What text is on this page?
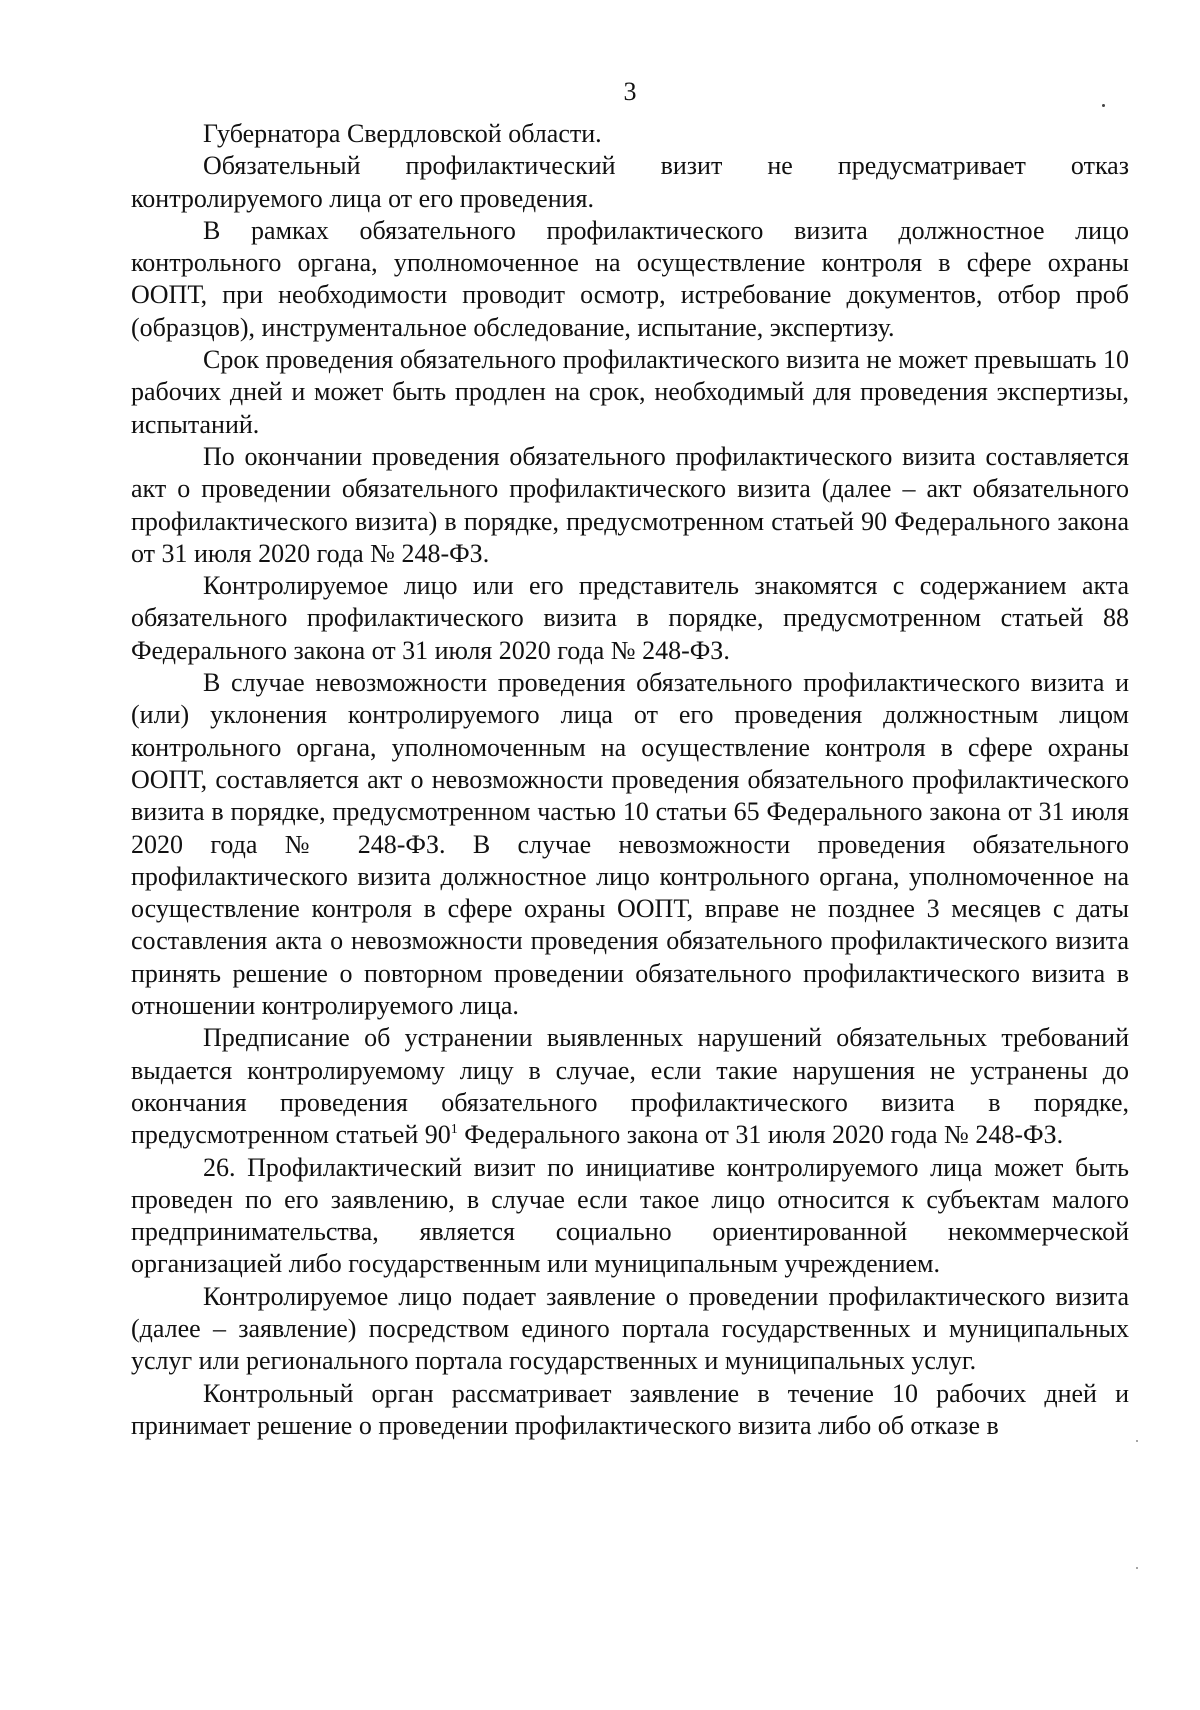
3

Губернатора Свердловской области.

Обязательный профилактический визит не предусматривает отказ контролируемого лица от его проведения.

В рамках обязательного профилактического визита должностное лицо контрольного органа, уполномоченное на осуществление контроля в сфере охраны ООПТ, при необходимости проводит осмотр, истребование документов, отбор проб (образцов), инструментальное обследование, испытание, экспертизу.

Срок проведения обязательного профилактического визита не может превышать 10 рабочих дней и может быть продлен на срок, необходимый для проведения экспертизы, испытаний.

По окончании проведения обязательного профилактического визита составляется акт о проведении обязательного профилактического визита (далее – акт обязательного профилактического визита) в порядке, предусмотренном статьей 90 Федерального закона от 31 июля 2020 года № 248-ФЗ.

Контролируемое лицо или его представитель знакомятся с содержанием акта обязательного профилактического визита в порядке, предусмотренном статьей 88 Федерального закона от 31 июля 2020 года № 248-ФЗ.

В случае невозможности проведения обязательного профилактического визита и (или) уклонения контролируемого лица от его проведения должностным лицом контрольного органа, уполномоченным на осуществление контроля в сфере охраны ООПТ, составляется акт о невозможности проведения обязательного профилактического визита в порядке, предусмотренном частью 10 статьи 65 Федерального закона от 31 июля 2020 года № 248-ФЗ. В случае невозможности проведения обязательного профилактического визита должностное лицо контрольного органа, уполномоченное на осуществление контроля в сфере охраны ООПТ, вправе не позднее 3 месяцев с даты составления акта о невозможности проведения обязательного профилактического визита принять решение о повторном проведении обязательного профилактического визита в отношении контролируемого лица.

Предписание об устранении выявленных нарушений обязательных требований выдается контролируемому лицу в случае, если такие нарушения не устранены до окончания проведения обязательного профилактического визита в порядке, предусмотренном статьей $90^1$ Федерального закона от 31 июля 2020 года № 248-ФЗ.

26. Профилактический визит по инициативе контролируемого лица может быть проведен по его заявлению, в случае если такое лицо относится к субъектам малого предпринимательства, является социально ориентированной некоммерческой организацией либо государственным или муниципальным учреждением.

Контролируемое лицо подает заявление о проведении профилактического визита (далее – заявление) посредством единого портала государственных и муниципальных услуг или регионального портала государственных и муниципальных услуг.

Контрольный орган рассматривает заявление в течение 10 рабочих дней и принимает решение о проведении профилактического визита либо об отказе в
